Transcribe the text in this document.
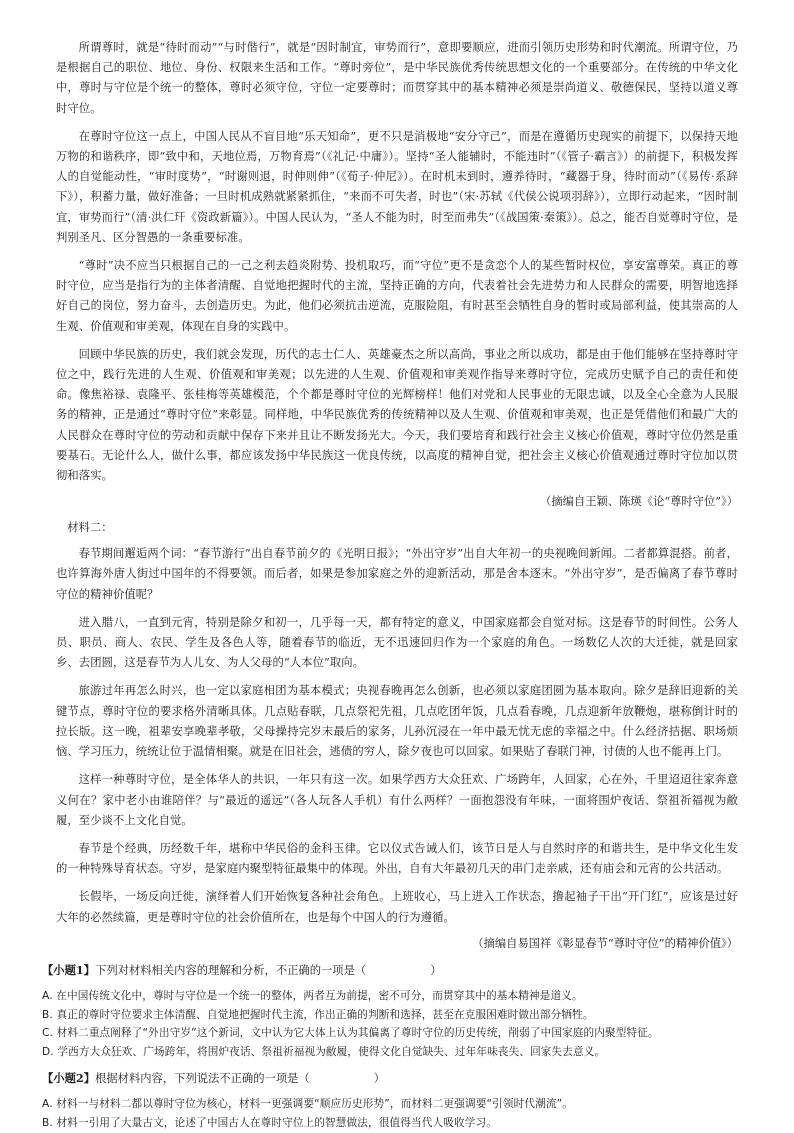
所谓尊时，就是“待时而动”“与时偕行”，就是“因时制宜，审势而行”，意即要顺应，进而引领历史形势和时代潮流。所谓守位，乃是根据自己的职位、地位、身份、权限来生活和工作。“尊时旁位”，是中华民族优秀传统思想文化的一个重要部分。在传统的中华文化中，尊时与守位是个统一的整体，尊时必须守位，守位一定要尊时；而贯穿其中的基本精神必须是崇尚道义、敬德保民，坚持以道义尊时守位。

在尊时守位这一点上，中国人民从不盲目地“乐天知命”，更不只是消极地“安分守己”，而是在遵循历史现实的前提下，以保持天地万物的和谐秩序，即“致中和，天地位焉，万物育焉”（《礼记·中庸》）。坚持“圣人能辅时，不能违时”（《管子·霸言》）的前提下，积极发挥人的自觉能动性，“审时度势”，“时谢则退，时伸则伸”（《荀子·仲尼》）。在时机未到时，遵养待时，“藏器于身，待时而动”（《易传·系辞下》），积蓄力量，做好准备；一旦时机成熟就紧紧抓住，“来而不可失者，时也”（宋·苏轼《代侯公说项羽辞》），立即行动起来，“因时制宜，审势而行”（清·洪仁玕《资政新篇》）。中国人民认为，“圣人不能为时，时至而弗失”（《战国策·秦策》）。总之，能否自觉尊时守位，是判别圣凡、区分智愚的一条重要标准。

“尊时”决不应当只根据自己的一己之利去趋炎附势、投机取巧，而“守位”更不是贪恋个人的某些暂时权位，享安富尊荣。真正的尊时守位，应当是指行为的主体者清醒、自觉地把握时代的主流，坚持正确的方向，代表着社会先进势力和人民群众的需要，明智地选择好自己的岗位，努力奋斗，去创造历史。为此，他们必须抗击逆流，克服险阻，有时甚至会牺牲自身的暂时或局部利益，使其崇高的人生观、价值观和审美观，体现在自身的实践中。

回顾中华民族的历史，我们就会发现，历代的志士仁人、英雄豪杰之所以高尚，事业之所以成功，都是由于他们能够在坚持尊时守位之中，践行先进的人生观、价值观和审美观；以先进的人生观、价值观和审美观作指导来尊时守位，完成历史赋予自己的责任和使命。像焦裕禄、袁隆平、张桂梅等英雄模范，个个都是尊时守位的光辉榜样！他们对党和人民事业的无限忠诚，以及全心全意为人民服务的精神，正是通过“尊时守位”来彰显。同样地，中华民族优秀的传统精神以及人生观、价值观和审美观，也正是凭借他们和最广大的人民群众在尊时守位的劳动和贡献中保存下来并且让不断发扬光大。今天，我们要培育和践行社会主义核心价值观，尊时守位仍然是重要基石。无论什么人，做什么事，都应该发扬中华民族这一优良传统，以高度的精神自觉，把社会主义核心价值观通过尊时守位加以贯彻和落实。

（摘编自王颖、陈瑛《论“尊时守位”》）
材料二：

春节期间邂逅两个词：“春节游行”出自春节前夕的《光明日报》；“外出守岁”出自大年初一的央视晚间新闻。二者都算混搭。前者，也许算海外唐人街过中国年的不得要领。而后者，如果是参加家庭之外的迎新活动，那是舍本逐末。“外出守岁”，是否偏离了春节尊时守位的精神价值呢？

进入腊八，一直到元宵，特别是除夕和初一，几乎每一天，都有特定的意义，中国家庭都会自觉对标。这是春节的时间性。公务人员、职员、商人、农民、学生及各色人等，随着春节的临近，无不迅速回归作为一个家庭的角色。一场数亿人次的大迁徙，就是回家乡、去团圆，这是春节为人儿女、为人父母的“人本位”取向。

旅游过年再怎么时兴，也一定以家庭相团为基本模式；央视春晚再怎么创新，也必须以家庭团圆为基本取向。除夕是辞旧迎新的关键节点，尊时守位的要求格外清晰具体。几点贴春联，几点祭祀先祖，几点吃团年饭，几点看春晚，几点迎新年放鞭炮，堪称倒计时的拉长版。这一晚，祖辈安享晚辈孝敬，父母操持完岁末最后的家务，儿孙沉浸在一年中最无忧无虑的幸福之中。什么经济拮据、职场烦恼、学习压力，统统让位于温情相聚。就是在旧社会，逃债的穷人，除夕夜也可以回家。如果贴了春联门神，讨债的人也不能再上门。

这样一种尊时守位，是全体华人的共识，一年只有这一次。如果学西方大众狂欢、广场跨年，人回家，心在外，千里迢迢往家奔意义何在？家中老小由谁陪伴？与“最近的遥远”（各人玩各人手机）有什么两样？一面抱怨没有年味，一面将围炉夜话、祭祖祈福视为敝履，至少谈不上文化自觉。

春节是个经典，历经数千年，堪称中华民俗的金科玉律。它以仪式告诫人们，该节日是人与自然时序的和谐共生，是中华文化生发的一种特殊导育状态。守岁，是家庭内聚型特征最集中的体现。外出，自有大年最初几天的串门走亲戚，还有庙会和元宵的公共活动。

长假毕，一场反向迁徙，演绎着人们开始恢复各种社会角色。上班收心，马上进入工作状态，撸起袖子干出“开门红”，应该是过好大年的必然续篇，更是尊时守位的社会价值所在，也是每个中国人的行为遵循。

（摘编自易国祥《彰显春节“尊时守位”的精神价值》）
【小题1】下列对材料相关内容的理解和分析，不正确的一项是（	）
A. 在中国传统文化中，尊时与守位是一个统一的整体，两者互为前提，密不可分，而贯穿其中的基本精神是道义。
B. 真正的尊时守位要求主体清醒、自觉地把握时代主流，作出正确的判断和选择，甚至在克服困难时做出部分牺牲。
C. 材料二重点阐释了“外出守岁”这个新词，文中认为它大体上认为其偏离了尊时守位的历史传统，削弱了中国家庭的内聚型特征。
D. 学西方大众狂欢、广场跨年，将围炉夜话、祭祖祈福视为敝履，使得文化自觉缺失、过年年味丧失、回家失去意义。
【小题2】根据材料内容，下列说法不正确的一项是（	）
A. 材料一与材料二都以尊时守位为核心，材料一更强调要“顺应历史形势”，而材料二更强调要“引领时代潮流”。
B. 材料一引用了大量古文，论述了中国古人在尊时守位上的智慧做法，很值得当代人吸收学习。
